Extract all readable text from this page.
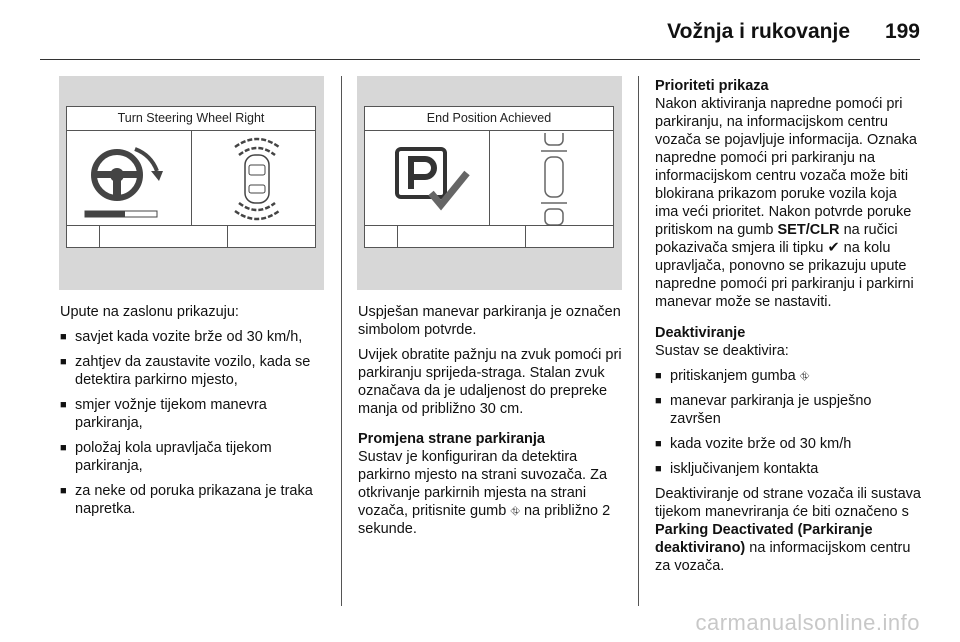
Vožnja i rukovanje 199
Turn Steering Wheel Right	End Position Achieved
Upute na zaslonu prikazuju:
■ savjet kada vozite brže od 30 km/h,
■ zahtjev da zaustavite vozilo, kada se detektira parkirno mjesto,
■ smjer vožnje tijekom manevra parkiranja,
■ položaj kola upravljača tijekom parkiranja,
■ za neke od poruka prikazana je traka napretka.
Uspješan manevar parkiranja je označen simbolom potvrde.
Uvijek obratite pažnju na zvuk pomoći pri parkiranju sprijeda-straga. Stalan zvuk označava da je udaljenost do prepreke manja od približno 30 cm.
Promjena strane parkiranja
Sustav je konfiguriran da detektira parkirno mjesto na strani suvozača. Za otkrivanje parkirnih mjesta na strani vozača, pritisnite gumb ⛗ na približno 2 sekunde.
Prioriteti prikaza
Nakon aktiviranja napredne pomoći pri parkiranju, na informacijskom centru vozača se pojavljuje informacija. Oznaka napredne pomoći pri parkiranju na informacijskom centru vozača može biti blokirana prikazom poruke vozila koja ima veći prioritet. Nakon potvrde poruke pritiskom na gumb SET/CLR na ručici pokazivača smjera ili tipku ✔ na kolu upravljača, ponovno se prikazuju upute napredne pomoći pri parkiranju i parkirni manevar može se nastaviti.
Deaktiviranje
Sustav se deaktivira:
■ pritiskanjem gumba ⛗
■ manevar parkiranja je uspješno završen
■ kada vozite brže od 30 km/h
■ isključivanjem kontakta
Deaktiviranje od strane vozača ili sustava tijekom manevriranja će biti označeno s Parking Deactivated (Parkiranje deaktivirano) na informacijskom centru za vozača.
carmanualsonline.info
